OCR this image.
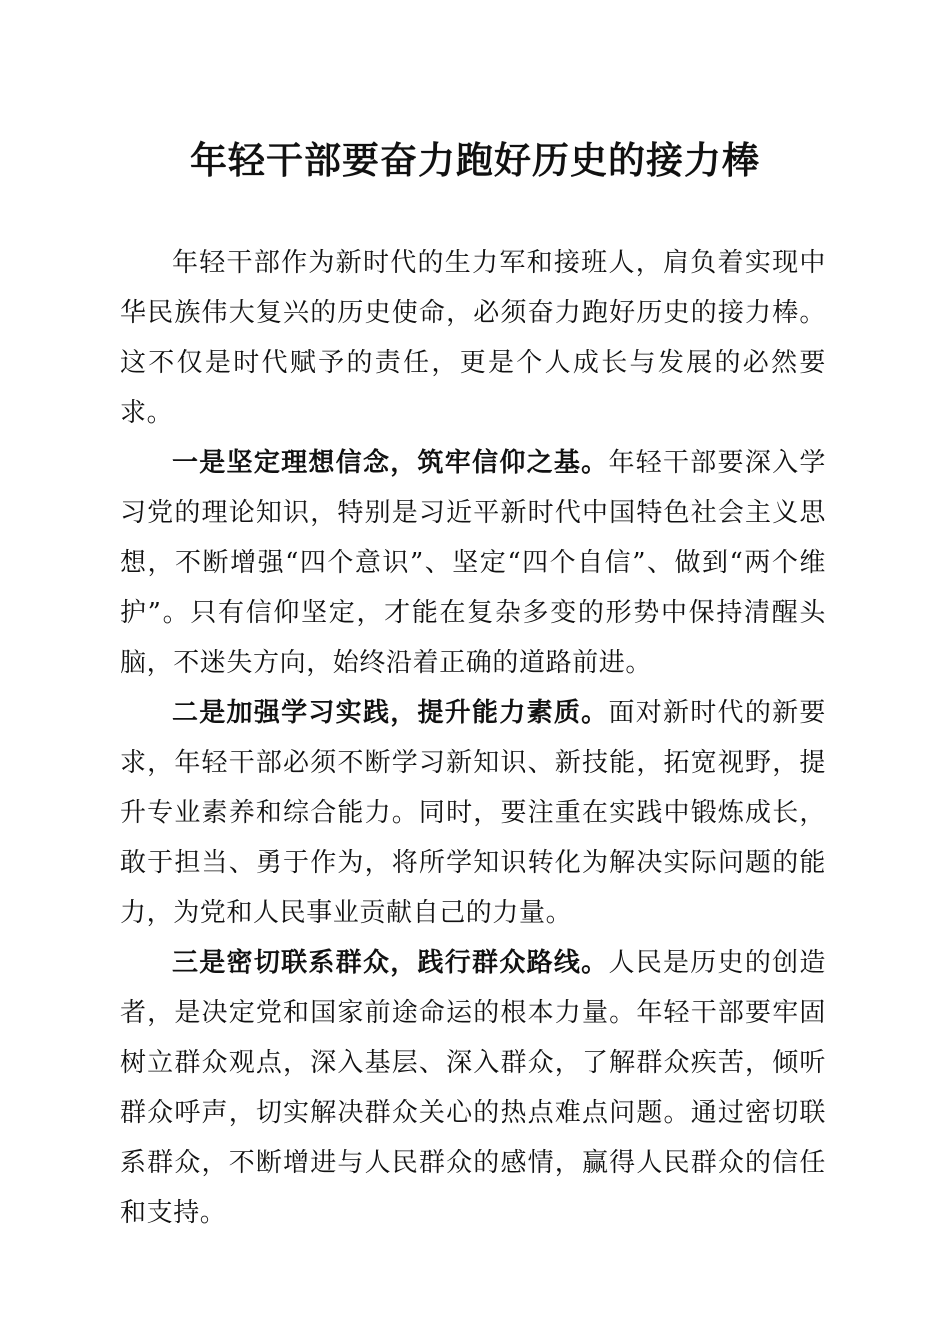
年轻干部要奋力跑好历史的接力棒

年轻干部作为新时代的生力军和接班人，肩负着实现中华民族伟大复兴的历史使命，必须奋力跑好历史的接力棒。这不仅是时代赋予的责任，更是个人成长与发展的必然要求。

一是坚定理想信念，筑牢信仰之基。年轻干部要深入学习党的理论知识，特别是习近平新时代中国特色社会主义思想，不断增强“四个意识”、坚定“四个自信”、做到“两个维护”。只有信仰坚定，才能在复杂多变的形势中保持清醒头脑，不迷失方向，始终沿着正确的道路前进。

二是加强学习实践，提升能力素质。面对新时代的新要求，年轻干部必须不断学习新知识、新技能，拓宽视野，提升专业素养和综合能力。同时，要注重在实践中锻炼成长，敢于担当、勇于作为，将所学知识转化为解决实际问题的能力，为党和人民事业贡献自己的力量。

三是密切联系群众，践行群众路线。人民是历史的创造者，是决定党和国家前途命运的根本力量。年轻干部要牢固树立群众观点，深入基层、深入群众，了解群众疾苦，倾听群众呼声，切实解决群众关心的热点难点问题。通过密切联系群众，不断增进与人民群众的感情，赢得人民群众的信任和支持。
